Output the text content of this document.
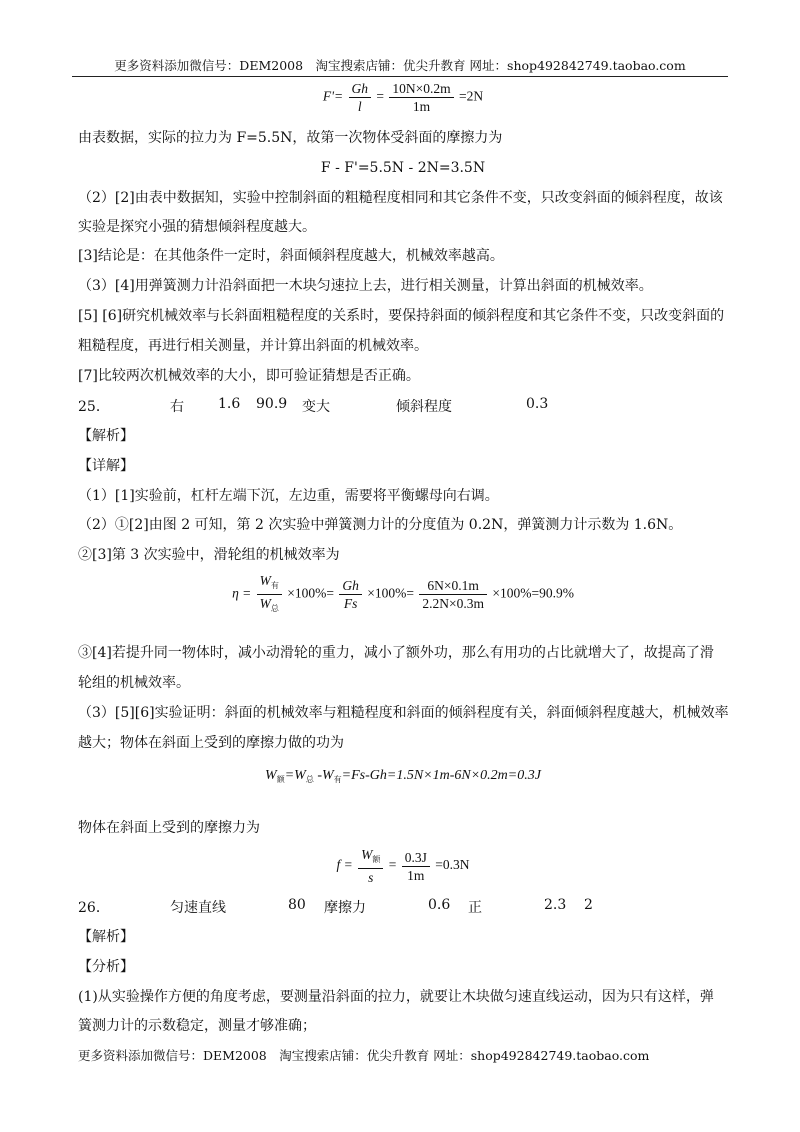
更多资料添加微信号：DEM2008　淘宝搜索店铺：优尖升教育 网址：shop492842749.taobao.com
$F'= \frac{Gh}{l} = \frac{10N\times 0.2m}{1m} =2N$
由表数据，实际的拉力为 F=5.5N，故第一次物体受斜面的摩擦力为
F - F'=5.5N - 2N=3.5N
（2）[2]由表中数据知，实验中控制斜面的粗糙程度相同和其它条件不变，只改变斜面的倾斜程度，故该
实验是探究小强的猜想倾斜程度越大。
[3]结论是：在其他条件一定时，斜面倾斜程度越大，机械效率越高。
（3）[4]用弹簧测力计沿斜面把一木块匀速拉上去，进行相关测量，计算出斜面的机械效率。
[5] [6]研究机械效率与长斜面粗糙程度的关系时，要保持斜面的倾斜程度和其它条件不变，只改变斜面的
粗糙程度，再进行相关测量，并计算出斜面的机械效率。
[7]比较两次机械效率的大小，即可验证猜想是否正确。
25．	右 1.6 90.9 变大	倾斜程度	0.3
【解析】
【详解】
（1）[1]实验前，杠杆左端下沉，左边重，需要将平衡螺母向右调。
（2）①[2]由图 2 可知，第 2 次实验中弹簧测力计的分度值为 0.2N，弹簧测力计示数为 1.6N。
②[3]第 3 次实验中，滑轮组的机械效率为
$\eta = \frac{W_有}{W_总} \times 100\%= \frac{Gh}{Fs} \times 100\%= \frac{6N\times 0.1m}{2.2N\times 0.3m} \times 100\%=90.9\%$
③[4]若提升同一物体时，减小动滑轮的重力，减小了额外功，那么有用功的占比就增大了，故提高了滑
轮组的机械效率。
（3）[5][6]实验证明：斜面的机械效率与粗糙程度和斜面的倾斜程度有关，斜面倾斜程度越大，机械效率
越大；物体在斜面上受到的摩擦力做的功为
$W_额=W_总$ $-W_有=Fs-Gh=1.5N\times 1m-6N\times 0.2m=0.3J$
物体在斜面上受到的摩擦力为
$f = \frac{W_额}{s} = \frac{0.3J}{1m} =0.3N$
26．	匀速直线	80 摩擦力	0.6 正	2.3 2
【解析】
【分析】
(1)从实验操作方便的角度考虑，要测量沿斜面的拉力，就要让木块做匀速直线运动，因为只有这样，弹
簧测力计的示数稳定，测量才够准确；
更多资料添加微信号：DEM2008　淘宝搜索店铺：优尖升教育 网址：shop492842749.taobao.com
